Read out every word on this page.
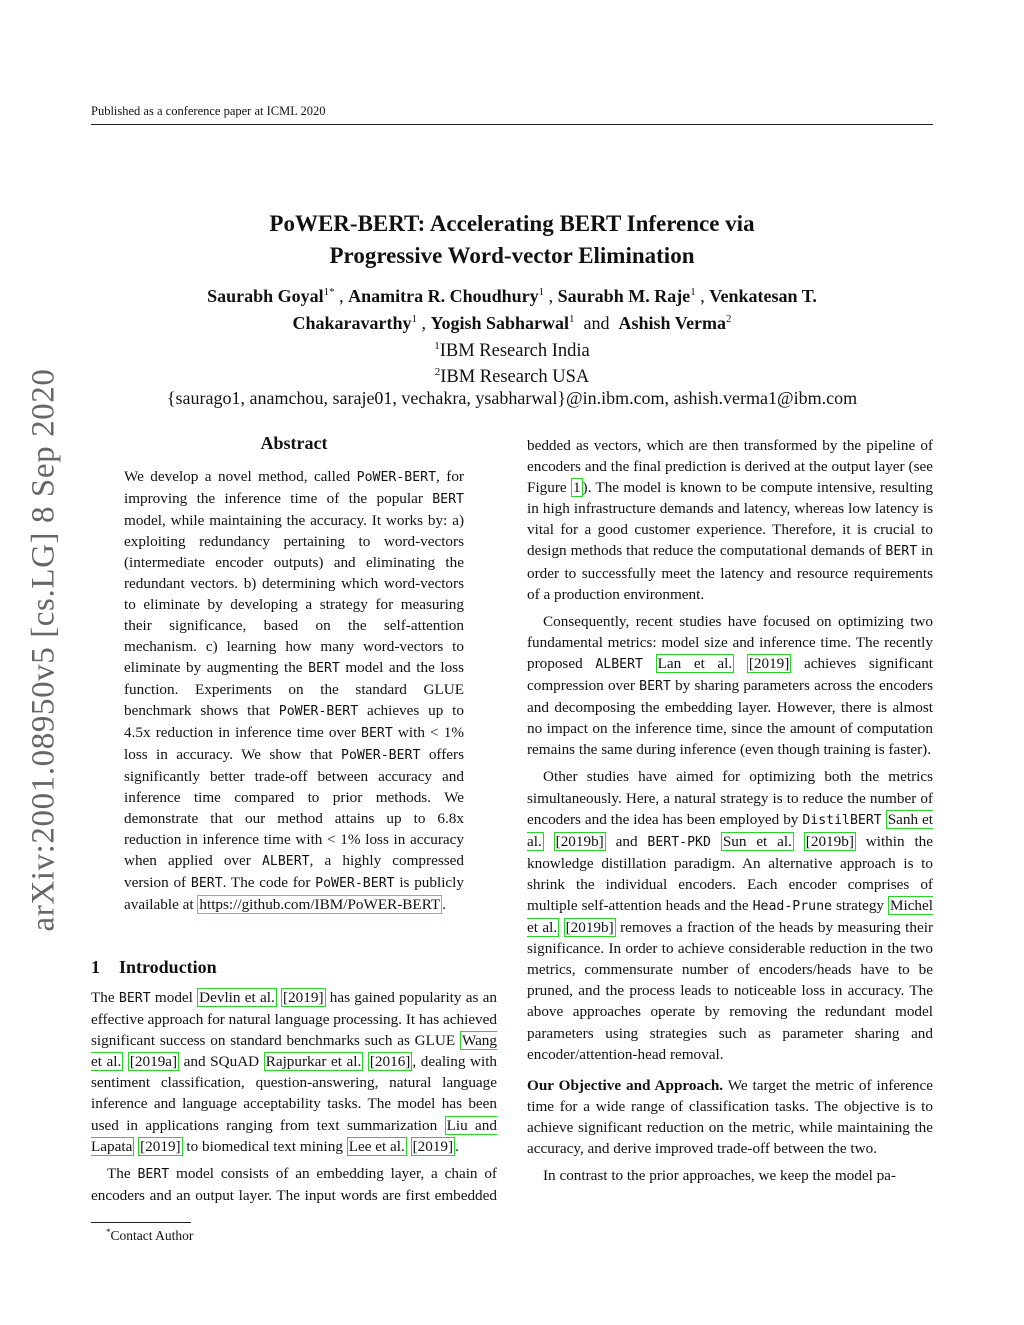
Published as a conference paper at ICML 2020
arXiv:2001.08950v5 [cs.LG] 8 Sep 2020
PoWER-BERT: Accelerating BERT Inference via
Progressive Word-vector Elimination
Saurabh Goyal$^{1*}$ , Anamitra R. Choudhury$^1$ , Saurabh M. Raje$^1$ , Venkatesan T.
Chakaravarthy$^1$ , Yogish Sabharwal$^1$ and Ashish Verma$^2$
$^1$IBM Research India
$^2$IBM Research USA
{saurago1, anamchou, saraje01, vechakra, ysabharwal}@in.ibm.com, ashish.verma1@ibm.com
Abstract
We develop a novel method, called PoWER-BERT, for improving the inference time of the popular BERT model, while maintaining the accuracy. It works by: a) exploiting redundancy pertaining to word-vectors (intermediate encoder outputs) and eliminating the redundant vectors. b) determining which word-vectors to eliminate by developing a strategy for measuring their significance, based on the self-attention mechanism. c) learning how many word-vectors to eliminate by augmenting the BERT model and the loss function. Experiments on the standard GLUE benchmark shows that PoWER-BERT achieves up to 4.5x reduction in inference time over BERT with < 1% loss in accuracy. We show that PoWER-BERT offers significantly better trade-off between accuracy and inference time compared to prior methods. We demonstrate that our method attains up to 6.8x reduction in inference time with < 1% loss in accuracy when applied over ALBERT, a highly compressed version of BERT. The code for PoWER-BERT is publicly available at https://github.com/IBM/PoWER-BERT .
1 Introduction

The BERT model Devlin et al. [2019] has gained popularity as an effective approach for natural language processing. It has achieved significant success on standard benchmarks such as GLUE Wang et al. [2019a] and SQuAD Rajpurkar et al. [2016] , dealing with sentiment classification, question-answering, natural language inference and language acceptability tasks. The model has been used in applications ranging from text summarization Liu and Lapata [2019] to biomedical text mining Lee et al. [2019] .

The BERT model consists of an embedding layer, a chain of encoders and an output layer. The input words are first embedded

*Contact Author

bedded as vectors, which are then transformed by the pipeline of encoders and the final prediction is derived at the output layer (see Figure 1 ). The model is known to be compute intensive, resulting in high infrastructure demands and latency, whereas low latency is vital for a good customer experience. Therefore, it is crucial to design methods that reduce the computational demands of BERT in order to successfully meet the latency and resource requirements of a production environment.

Consequently, recent studies have focused on optimizing two fundamental metrics: model size and inference time. The recently proposed ALBERT Lan et al. [2019] achieves significant compression over BERT by sharing parameters across the encoders and decomposing the embedding layer. However, there is almost no impact on the inference time, since the amount of computation remains the same during inference (even though training is faster).

Other studies have aimed for optimizing both the metrics simultaneously. Here, a natural strategy is to reduce the number of encoders and the idea has been employed by DistilBERT Sanh et al. [2019b] and BERT-PKD Sun et al. [2019b] within the knowledge distillation paradigm. An alternative approach is to shrink the individual encoders. Each encoder comprises of multiple self-attention heads and the Head-Prune strategy Michel et al. [2019b] removes a fraction of the heads by measuring their significance. In order to achieve considerable reduction in the two metrics, commensurate number of encoders/heads have to be pruned, and the process leads to noticeable loss in accuracy. The above approaches operate by removing the redundant model parameters using strategies such as parameter sharing and encoder/attention-head removal.

Our Objective and Approach. We target the metric of inference time for a wide range of classification tasks. The objective is to achieve significant reduction on the metric, while maintaining the accuracy, and derive improved trade-off between the two.

In contrast to the prior approaches, we keep the model pa-
